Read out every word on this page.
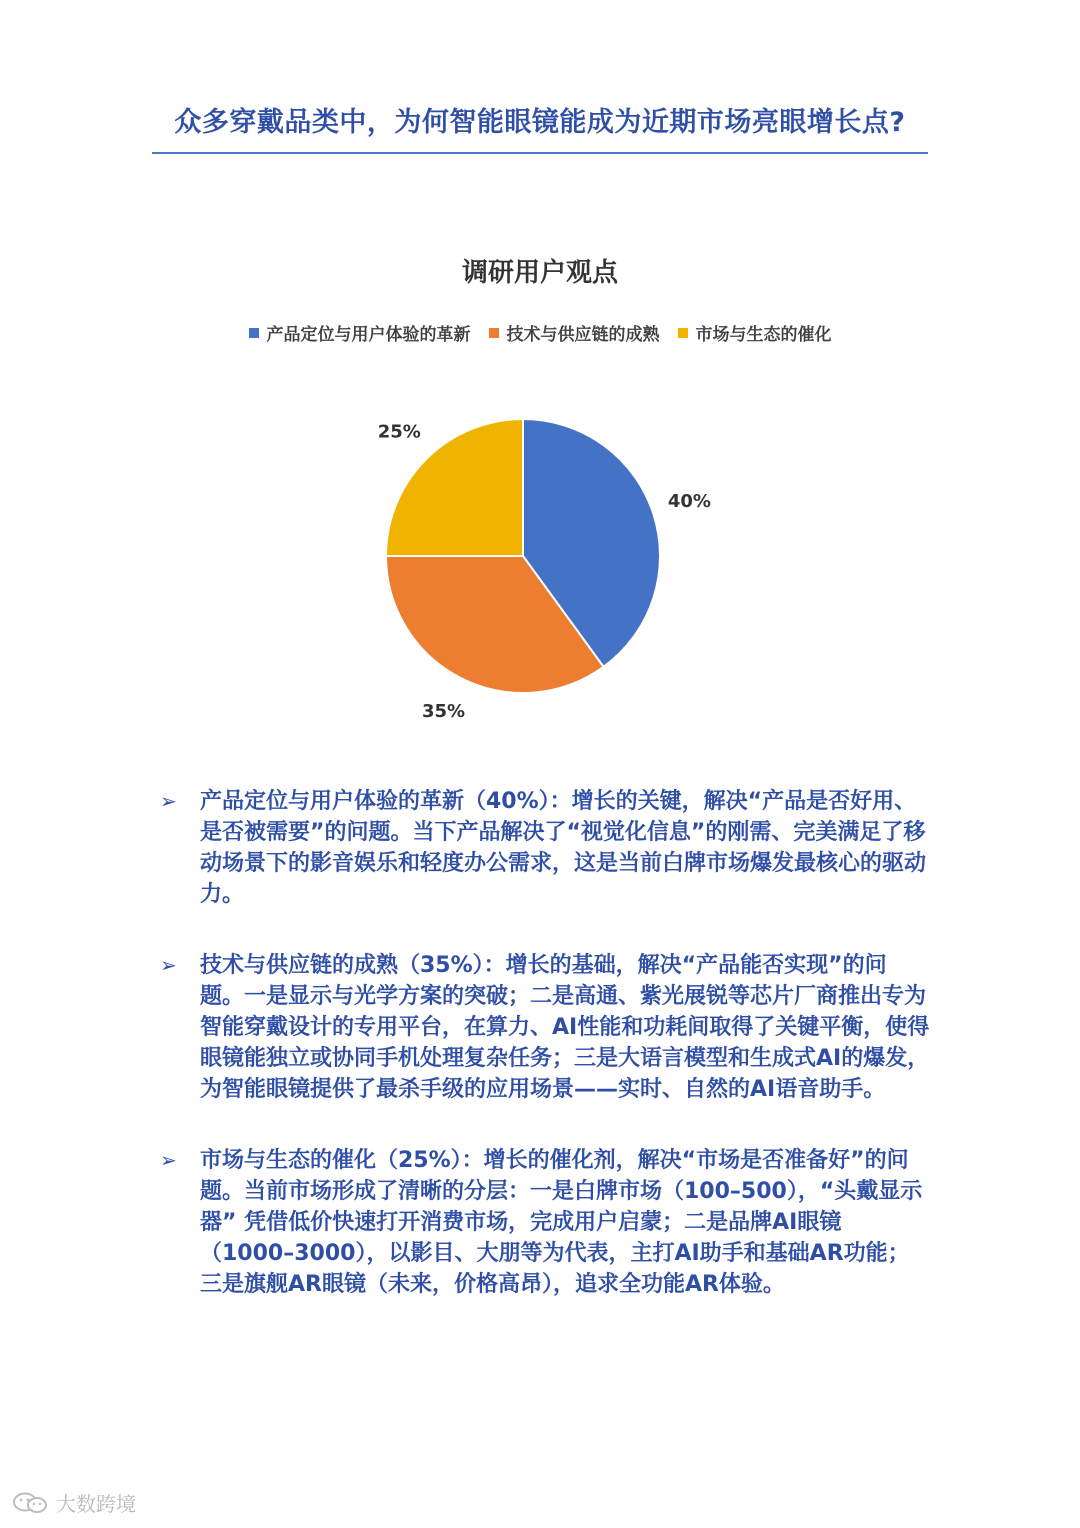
众多穿戴品类中，为何智能眼镜能成为近期市场亮眼增长点?
调研用户观点
产品定位与用户体验的革新 技术与供应链的成熟 市场与生态的催化
40%
35%
25%
➢	产品定位与用户体验的革新（40%）：增长的关键，解决“产品是否好用、是否被需要”的问题。当下产品解决了“视觉化信息”的刚需、完美满足了移动场景下的影音娱乐和轻度办公需求，这是当前白牌市场爆发最核心的驱动力。
➢	技术与供应链的成熟（35%）：增长的基础，解决“产品能否实现”的问题。一是显示与光学方案的突破；二是高通、紫光展锐等芯片厂商推出专为智能穿戴设计的专用平台，在算力、AI性能和功耗间取得了关键平衡，使得眼镜能独立或协同手机处理复杂任务；三是大语言模型和生成式AI的爆发，为智能眼镜提供了最杀手级的应用场景——实时、自然的AI语音助手。
➢	市场与生态的催化（25%）：增长的催化剂，解决“市场是否准备好”的问题。当前市场形成了清晰的分层：一是白牌市场（100–500），“头戴显示器” 凭借低价快速打开消费市场，完成用户启蒙；二是品牌AI眼镜（1000–3000），以影目、大朋等为代表，主打AI助手和基础AR功能；三是旗舰AR眼镜（未来，价格高昂），追求全功能AR体验。
大数跨境
